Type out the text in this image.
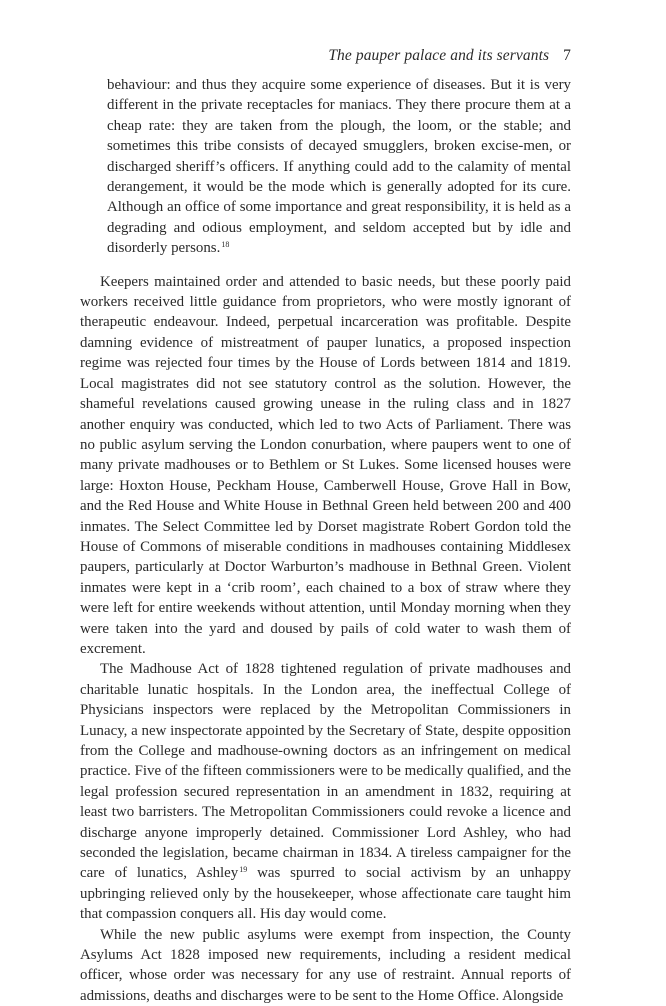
The pauper palace and its servants 7

behaviour: and thus they acquire some experience of diseases. But it is very different in the private receptacles for maniacs. They there procure them at a cheap rate: they are taken from the plough, the loom, or the stable; and sometimes this tribe consists of decayed smugglers, broken excise-men, or discharged sheriff’s officers. If anything could add to the calamity of mental derangement, it would be the mode which is generally adopted for its cure. Although an office of some importance and great responsibility, it is held as a degrading and odious employment, and seldom accepted but by idle and disorderly persons.$^{18}$

Keepers maintained order and attended to basic needs, but these poorly paid workers received little guidance from proprietors, who were mostly ignorant of therapeutic endeavour. Indeed, perpetual incarceration was profitable. Despite damning evidence of mistreatment of pauper lunatics, a proposed inspection regime was rejected four times by the House of Lords between 1814 and 1819. Local magistrates did not see statutory control as the solution. However, the shameful revelations caused growing unease in the ruling class and in 1827 another enquiry was conducted, which led to two Acts of Parliament. There was no public asylum serving the London conurbation, where paupers went to one of many private madhouses or to Bethlem or St Lukes. Some licensed houses were large: Hoxton House, Peckham House, Camberwell House, Grove Hall in Bow, and the Red House and White House in Bethnal Green held between 200 and 400 inmates. The Select Committee led by Dorset magistrate Robert Gordon told the House of Commons of miserable conditions in madhouses containing Middlesex paupers, particularly at Doctor Warburton’s madhouse in Bethnal Green. Violent inmates were kept in a ‘crib room’, each chained to a box of straw where they were left for entire weekends without attention, until Monday morning when they were taken into the yard and doused by pails of cold water to wash them of excrement.

The Madhouse Act of 1828 tightened regulation of private madhouses and charitable lunatic hospitals. In the London area, the ineffectual College of Physicians inspectors were replaced by the Metropolitan Commissioners in Lunacy, a new inspectorate appointed by the Secretary of State, despite opposition from the College and madhouse-owning doctors as an infringement on medical practice. Five of the fifteen commissioners were to be medically qualified, and the legal profession secured representation in an amendment in 1832, requiring at least two barristers. The Metropolitan Commissioners could revoke a licence and discharge anyone improperly detained. Commissioner Lord Ashley, who had seconded the legislation, became chairman in 1834. A tireless campaigner for the care of lunatics, Ashley$^{19}$ was spurred to social activism by an unhappy upbringing relieved only by the housekeeper, whose affectionate care taught him that compassion conquers all. His day would come.

While the new public asylums were exempt from inspection, the County Asylums Act 1828 imposed new requirements, including a resident medical officer, whose order was necessary for any use of restraint. Annual reports of admissions, deaths and discharges were to be sent to the Home Office. Alongside
